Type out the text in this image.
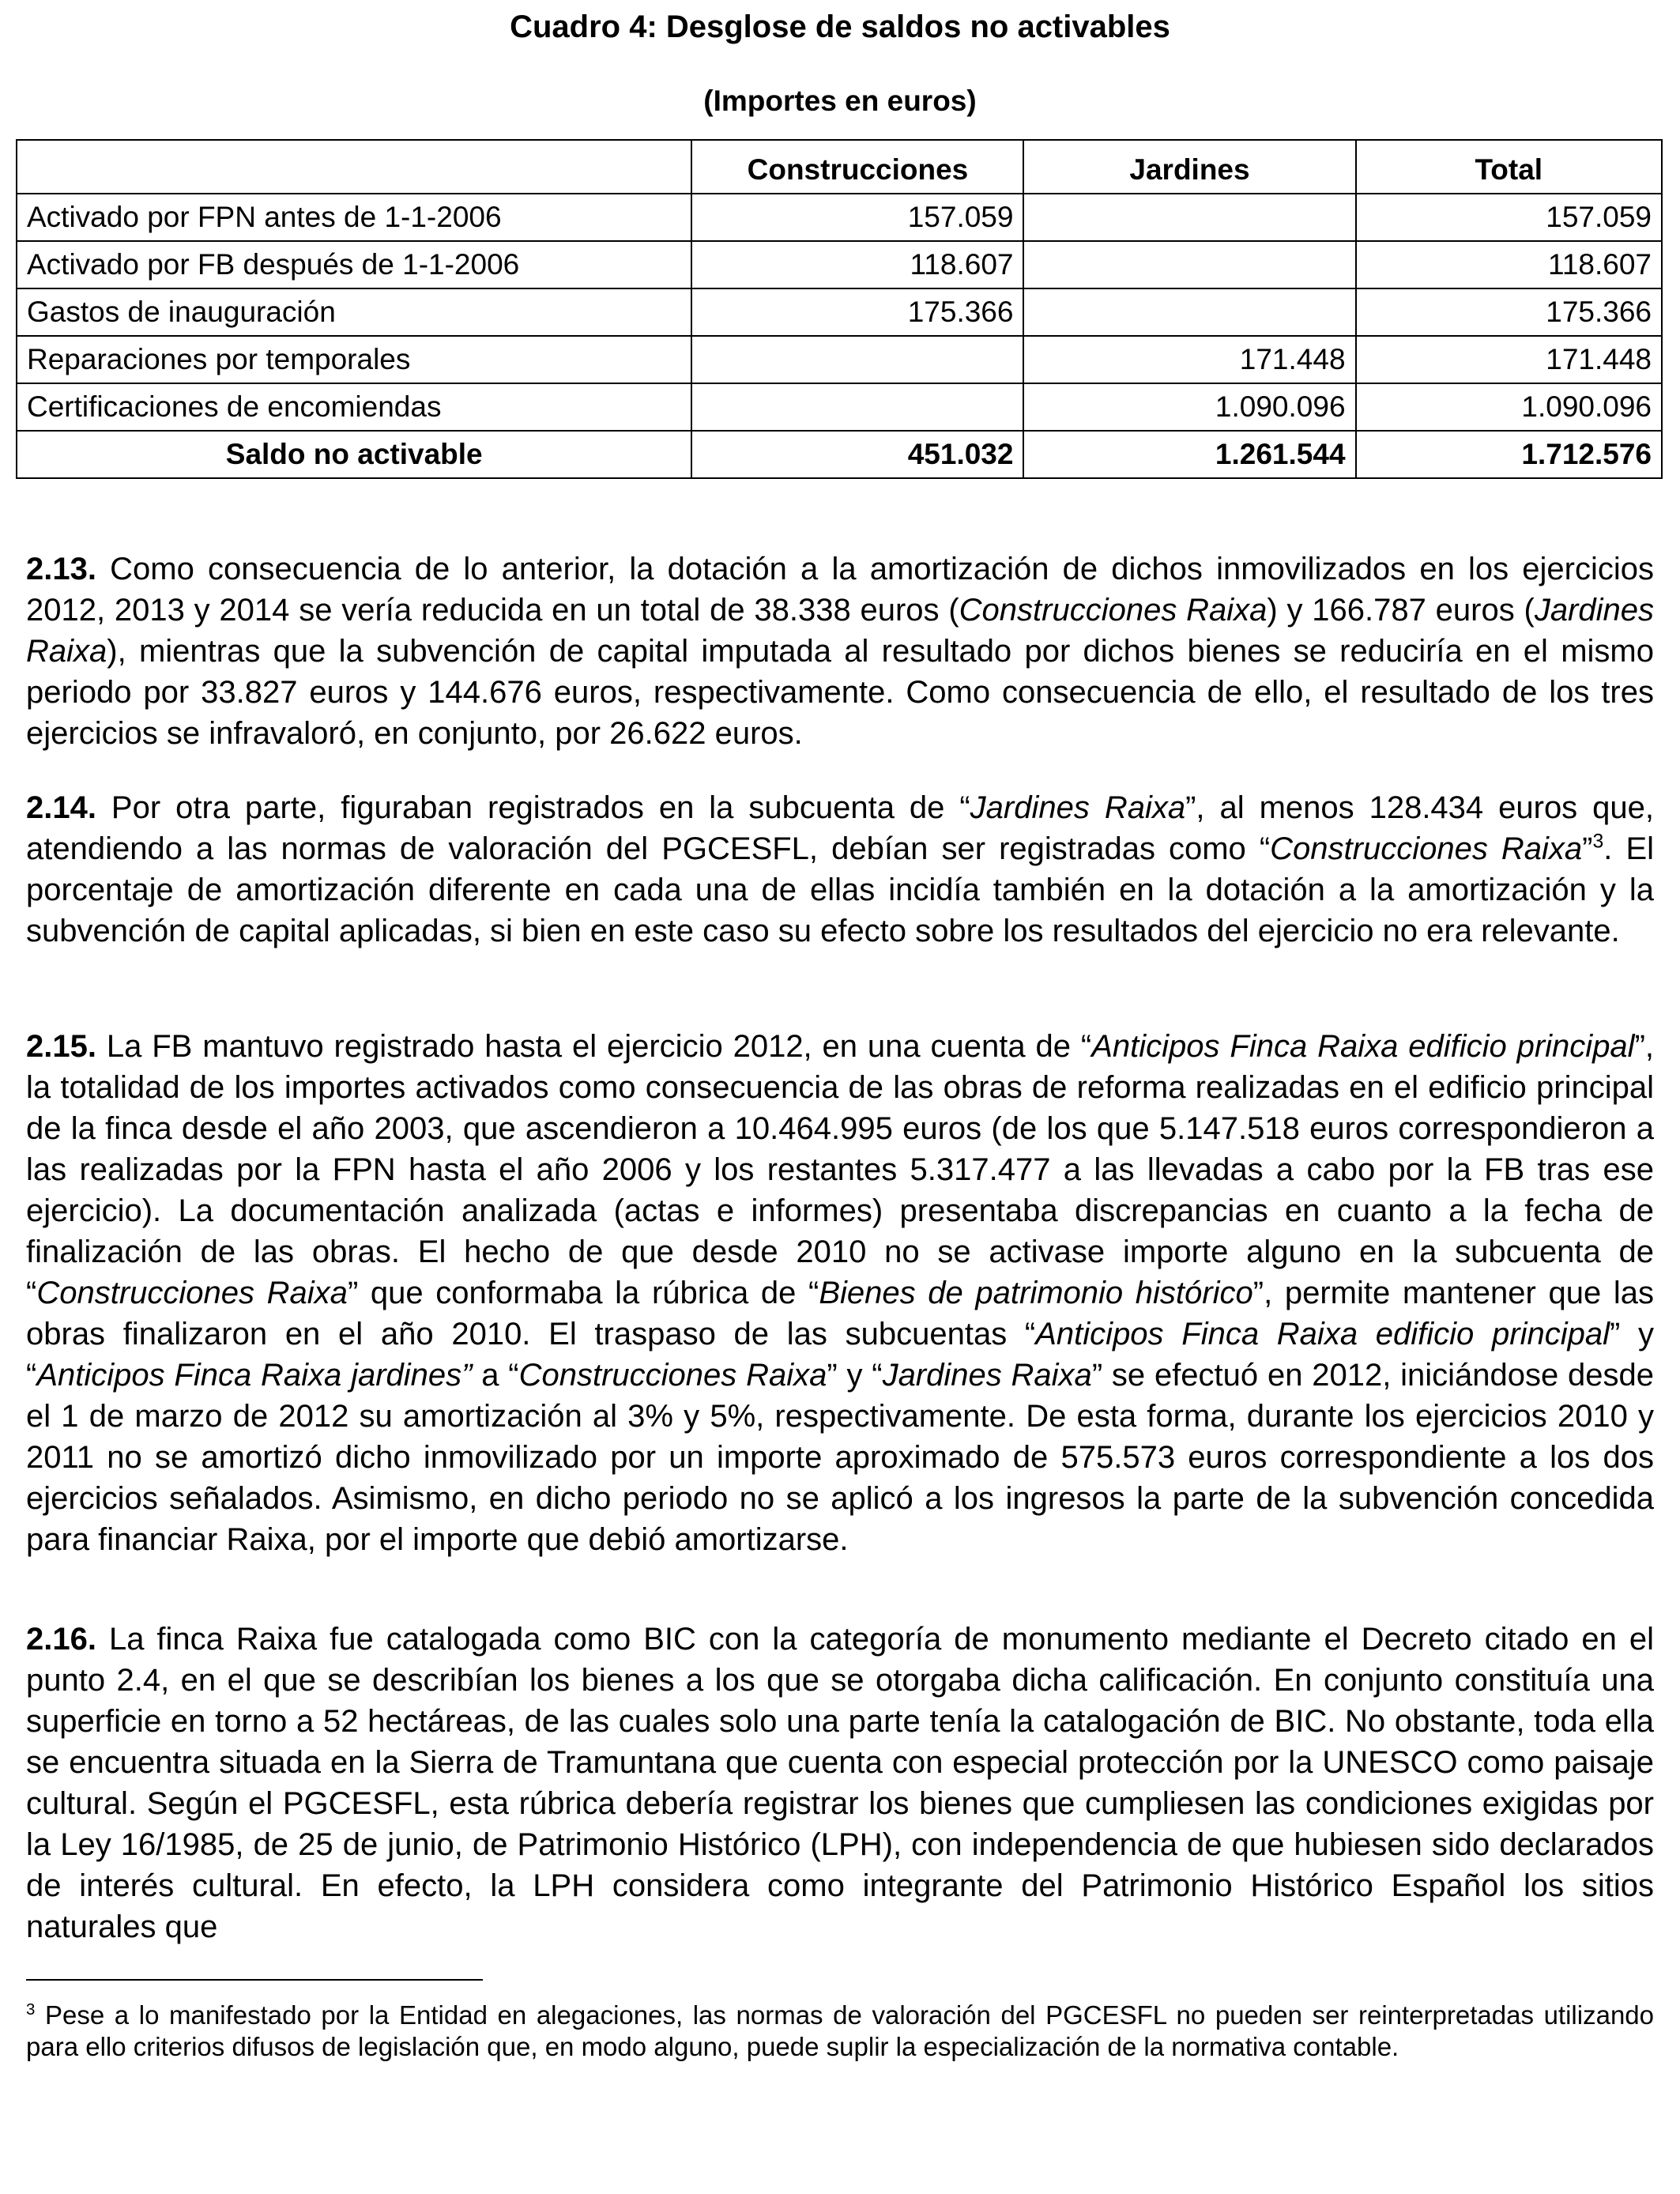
Cuadro 4: Desglose de saldos no activables
(Importes en euros)
	Construcciones	Jardines	Total
Activado por FPN antes de 1-1-2006	157.059		157.059
Activado por FB después de 1-1-2006	118.607		118.607
Gastos de inauguración	175.366		175.366
Reparaciones por temporales		171.448	171.448
Certificaciones de encomiendas		1.090.096	1.090.096
Saldo no activable	451.032	1.261.544	1.712.576

2.13. Como consecuencia de lo anterior, la dotación a la amortización de dichos inmovilizados en los ejercicios 2012, 2013 y 2014 se vería reducida en un total de 38.338 euros (Construcciones Raixa) y 166.787 euros (Jardines Raixa), mientras que la subvención de capital imputada al resultado por dichos bienes se reduciría en el mismo periodo por 33.827 euros y 144.676 euros, respectivamente. Como consecuencia de ello, el resultado de los tres ejercicios se infravaloró, en conjunto, por 26.622 euros.

2.14. Por otra parte, figuraban registrados en la subcuenta de “Jardines Raixa”, al menos 128.434 euros que, atendiendo a las normas de valoración del PGCESFL, debían ser registradas como “Construcciones Raixa”$^3$. El porcentaje de amortización diferente en cada una de ellas incidía también en la dotación a la amortización y la subvención de capital aplicadas, si bien en este caso su efecto sobre los resultados del ejercicio no era relevante.

2.15. La FB mantuvo registrado hasta el ejercicio 2012, en una cuenta de “Anticipos Finca Raixa edificio principal”, la totalidad de los importes activados como consecuencia de las obras de reforma realizadas en el edificio principal de la finca desde el año 2003, que ascendieron a 10.464.995 euros (de los que 5.147.518 euros correspondieron a las realizadas por la FPN hasta el año 2006 y los restantes 5.317.477 a las llevadas a cabo por la FB tras ese ejercicio). La documentación analizada (actas e informes) presentaba discrepancias en cuanto a la fecha de finalización de las obras. El hecho de que desde 2010 no se activase importe alguno en la subcuenta de “Construcciones Raixa” que conformaba la rúbrica de “Bienes de patrimonio histórico”, permite mantener que las obras finalizaron en el año 2010. El traspaso de las subcuentas “Anticipos Finca Raixa edificio principal” y “Anticipos Finca Raixa jardines” a “Construcciones Raixa” y “Jardines Raixa” se efectuó en 2012, iniciándose desde el 1 de marzo de 2012 su amortización al 3% y 5%, respectivamente. De esta forma, durante los ejercicios 2010 y 2011 no se amortizó dicho inmovilizado por un importe aproximado de 575.573 euros correspondiente a los dos ejercicios señalados. Asimismo, en dicho periodo no se aplicó a los ingresos la parte de la subvención concedida para financiar Raixa, por el importe que debió amortizarse.

2.16. La finca Raixa fue catalogada como BIC con la categoría de monumento mediante el Decreto citado en el punto 2.4, en el que se describían los bienes a los que se otorgaba dicha calificación. En conjunto constituía una superficie en torno a 52 hectáreas, de las cuales solo una parte tenía la catalogación de BIC. No obstante, toda ella se encuentra situada en la Sierra de Tramuntana que cuenta con especial protección por la UNESCO como paisaje cultural. Según el PGCESFL, esta rúbrica debería registrar los bienes que cumpliesen las condiciones exigidas por la Ley 16/1985, de 25 de junio, de Patrimonio Histórico (LPH), con independencia de que hubiesen sido declarados de interés cultural. En efecto, la LPH considera como integrante del Patrimonio Histórico Español los sitios naturales que

$^3$ Pese a lo manifestado por la Entidad en alegaciones, las normas de valoración del PGCESFL no pueden ser reinterpretadas utilizando para ello criterios difusos de legislación que, en modo alguno, puede suplir la especialización de la normativa contable.
